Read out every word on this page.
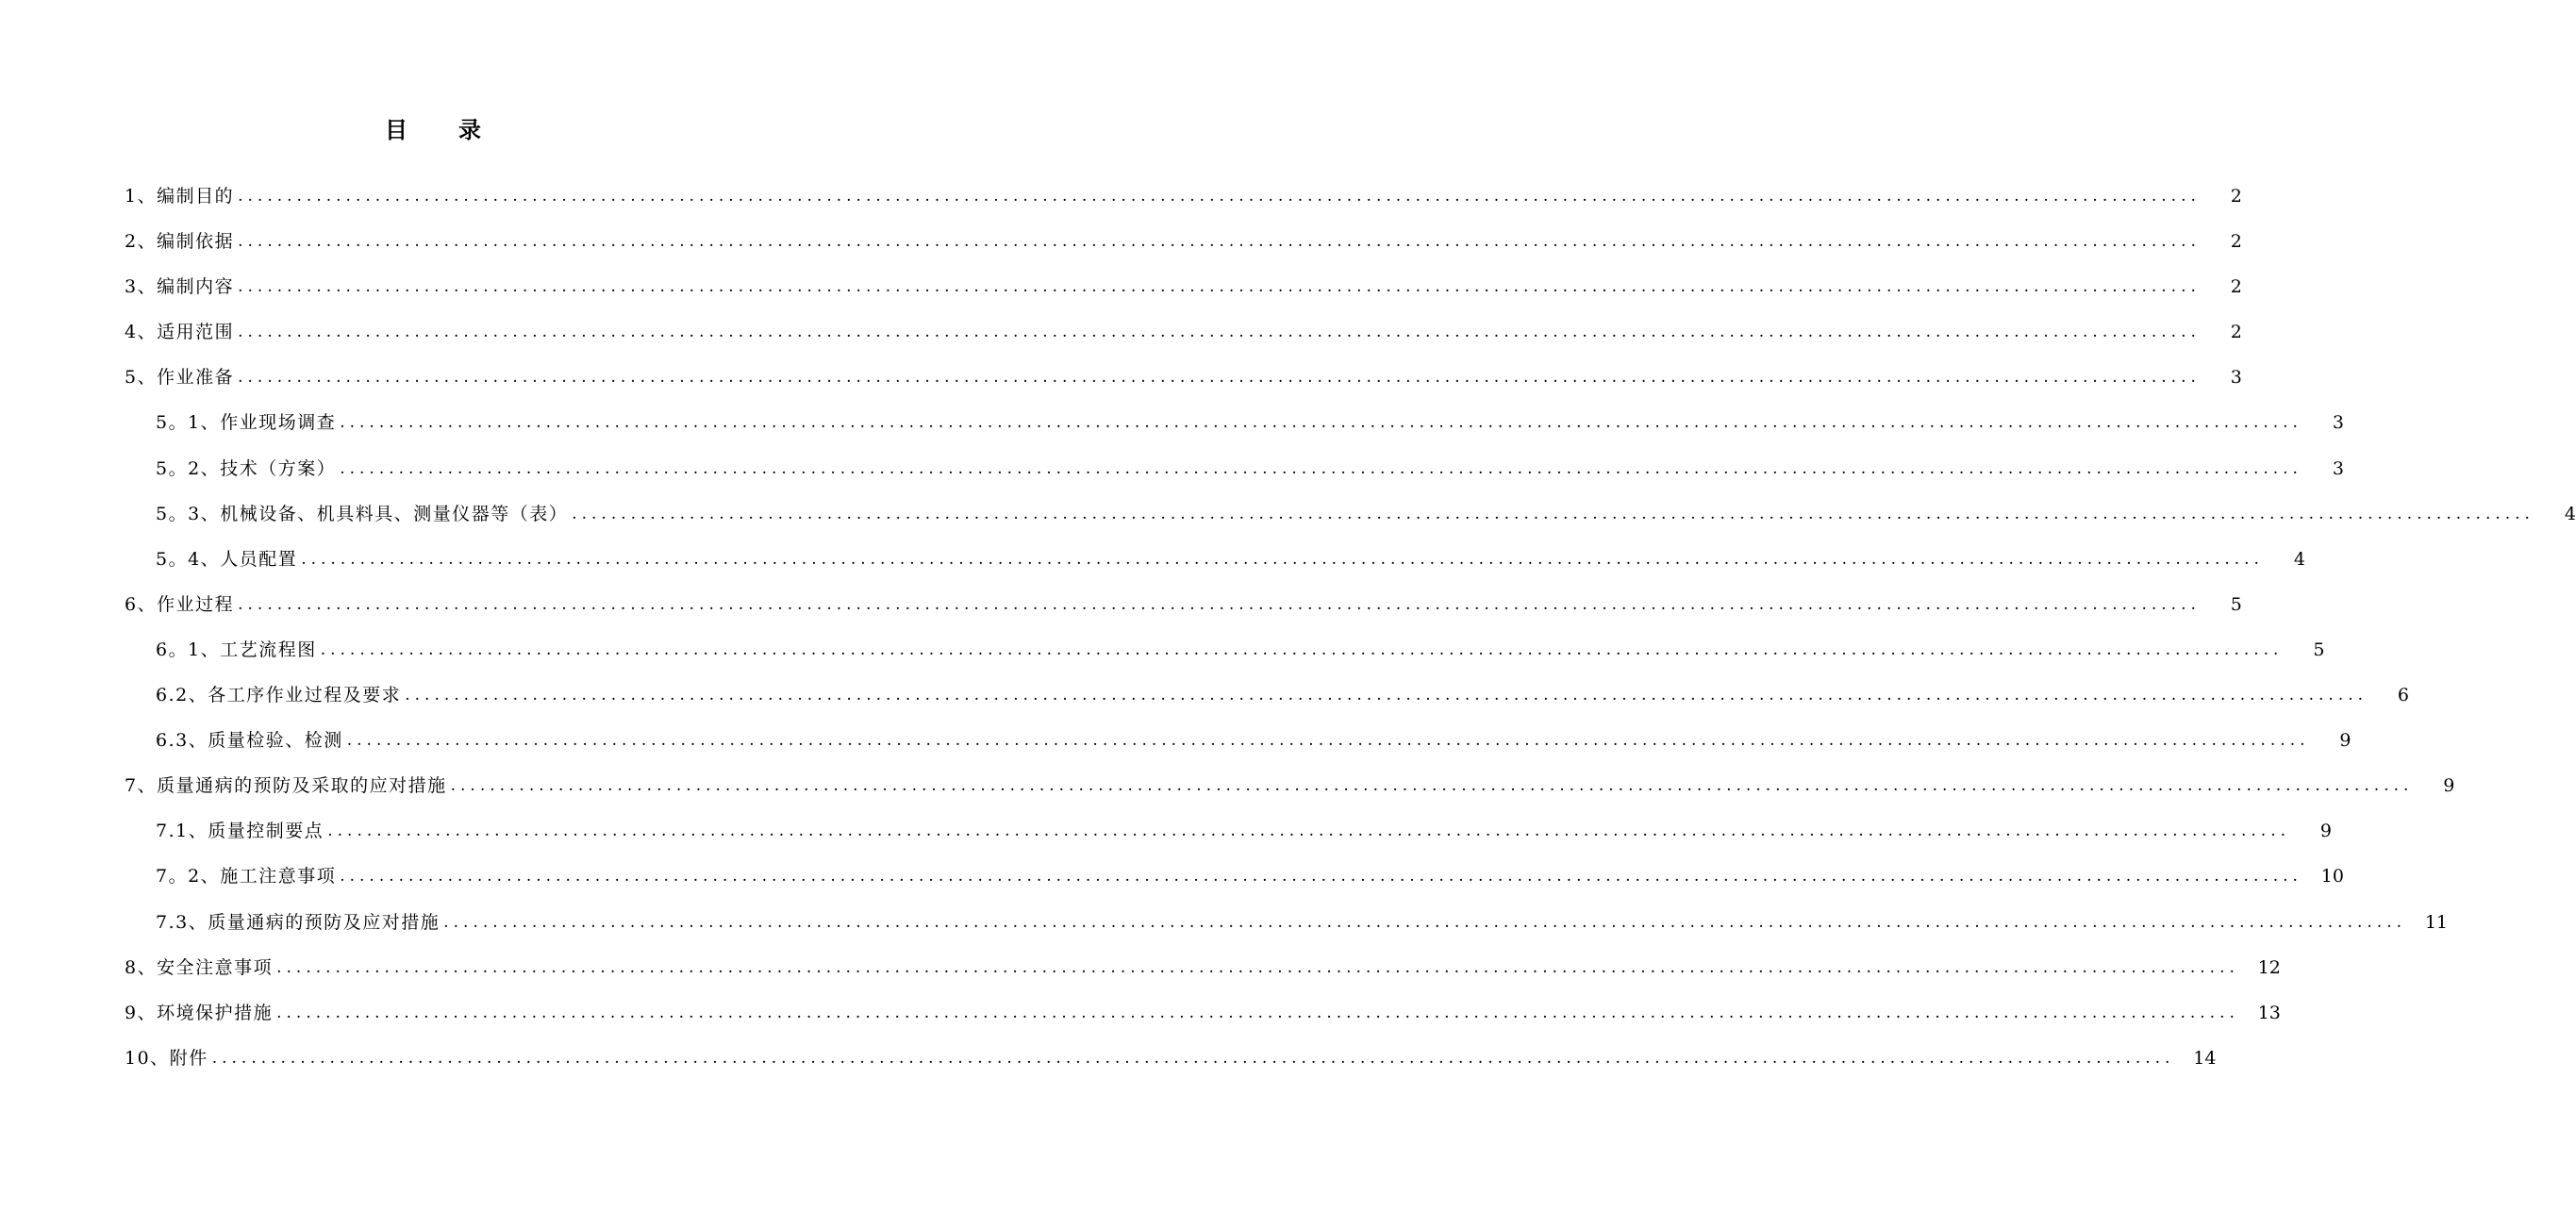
目 录
1、 编制目的 ........................................................................................................................................................................................................	2
2、 编制依据 ........................................................................................................................................................................................................	2
3、 编制内容 ........................................................................................................................................................................................................	2
4、 适用范围 ........................................................................................................................................................................................................	2
5、 作业准备 ........................................................................................................................................................................................................	3
5。1、 作业现场调查 ........................................................................................................................................................................................................	3
5。2、 技术（方案） ........................................................................................................................................................................................................	3
5。3、 机械设备、机具料具、测量仪器等（表） ........................................................................................................................................................................................................	4
5。4、 人员配置 ........................................................................................................................................................................................................	4
6、 作业过程 ........................................................................................................................................................................................................	5
6。1、 工艺流程图 ........................................................................................................................................................................................................	5
6.2、 各工序作业过程及要求 ........................................................................................................................................................................................................	6
6.3、 质量检验、检测 ........................................................................................................................................................................................................	9
7、 质量通病的预防及采取的应对措施 ........................................................................................................................................................................................................	9
7.1、 质量控制要点 ........................................................................................................................................................................................................	9
7。2、 施工注意事项 ........................................................................................................................................................................................................	10
7.3、 质量通病的预防及应对措施 ........................................................................................................................................................................................................	11
8、 安全注意事项 ........................................................................................................................................................................................................	12
9、 环境保护措施 ........................................................................................................................................................................................................	13
10、 附件 ........................................................................................................................................................................................................	14
